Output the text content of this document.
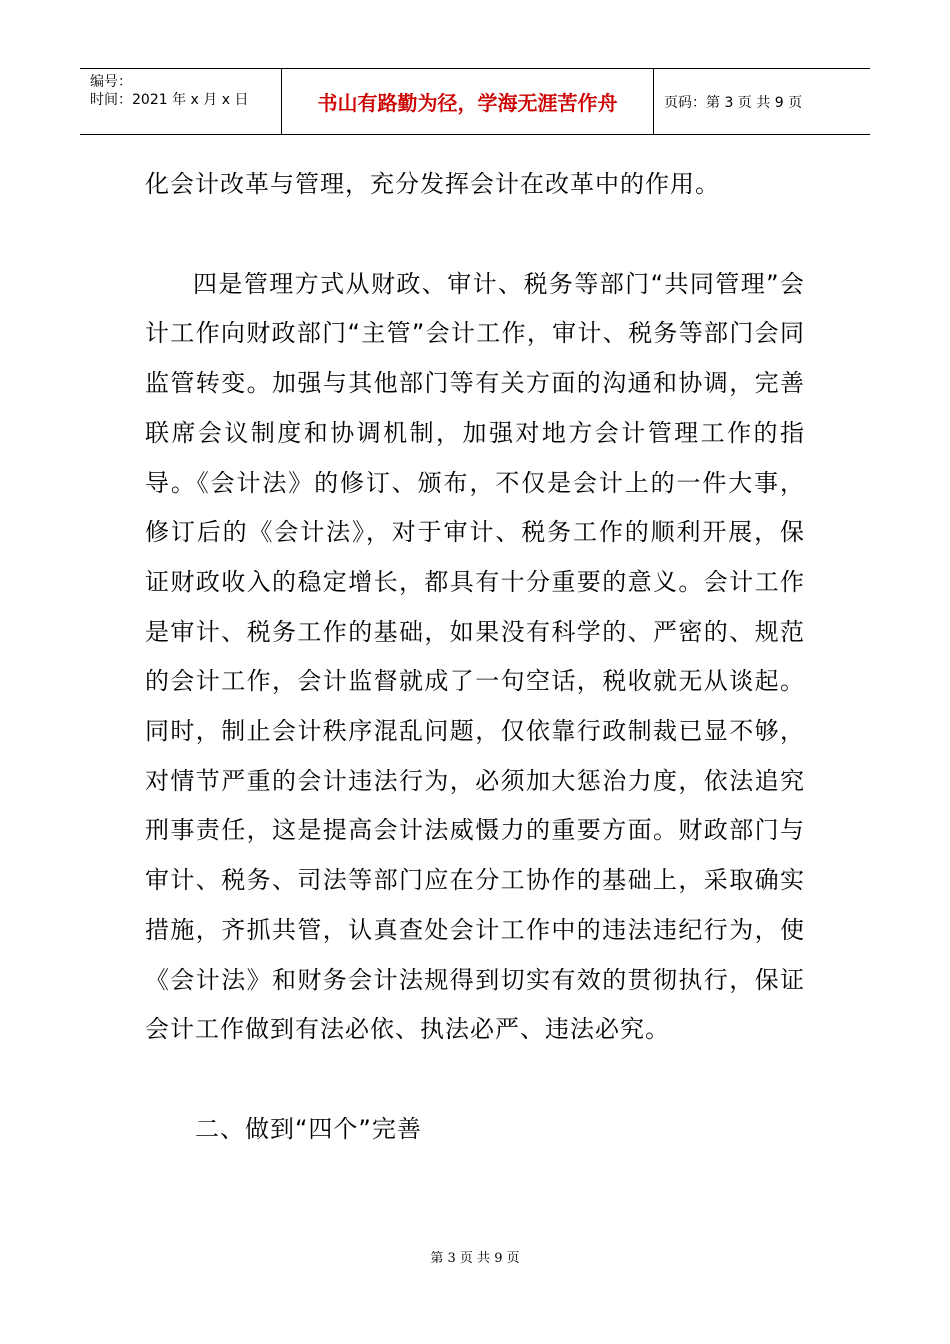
编号：
时间：2021 年 x 月 x 日	书山有路勤为径，学海无涯苦作舟	页码：第 3 页 共 9 页

化会计改革与管理，充分发挥会计在改革中的作用。

四是管理方式从财政、审计、税务等部门“共同管理”会计工作向财政部门“主管”会计工作，审计、税务等部门会同监管转变。加强与其他部门等有关方面的沟通和协调，完善联席会议制度和协调机制，加强对地方会计管理工作的指导。《会计法》的修订、颁布，不仅是会计上的一件大事，修订后的《会计法》，对于审计、税务工作的顺利开展，保证财政收入的稳定增长，都具有十分重要的意义。会计工作是审计、税务工作的基础，如果没有科学的、严密的、规范的会计工作，会计监督就成了一句空话，税收就无从谈起。同时，制止会计秩序混乱问题，仅依靠行政制裁已显不够，对情节严重的会计违法行为，必须加大惩治力度，依法追究刑事责任，这是提高会计法威慑力的重要方面。财政部门与审计、税务、司法等部门应在分工协作的基础上，采取确实措施，齐抓共管，认真查处会计工作中的违法违纪行为，使《会计法》和财务会计法规得到切实有效的贯彻执行，保证会计工作做到有法必依、执法必严、违法必究。

二、做到“四个”完善

第 3 页 共 9 页
